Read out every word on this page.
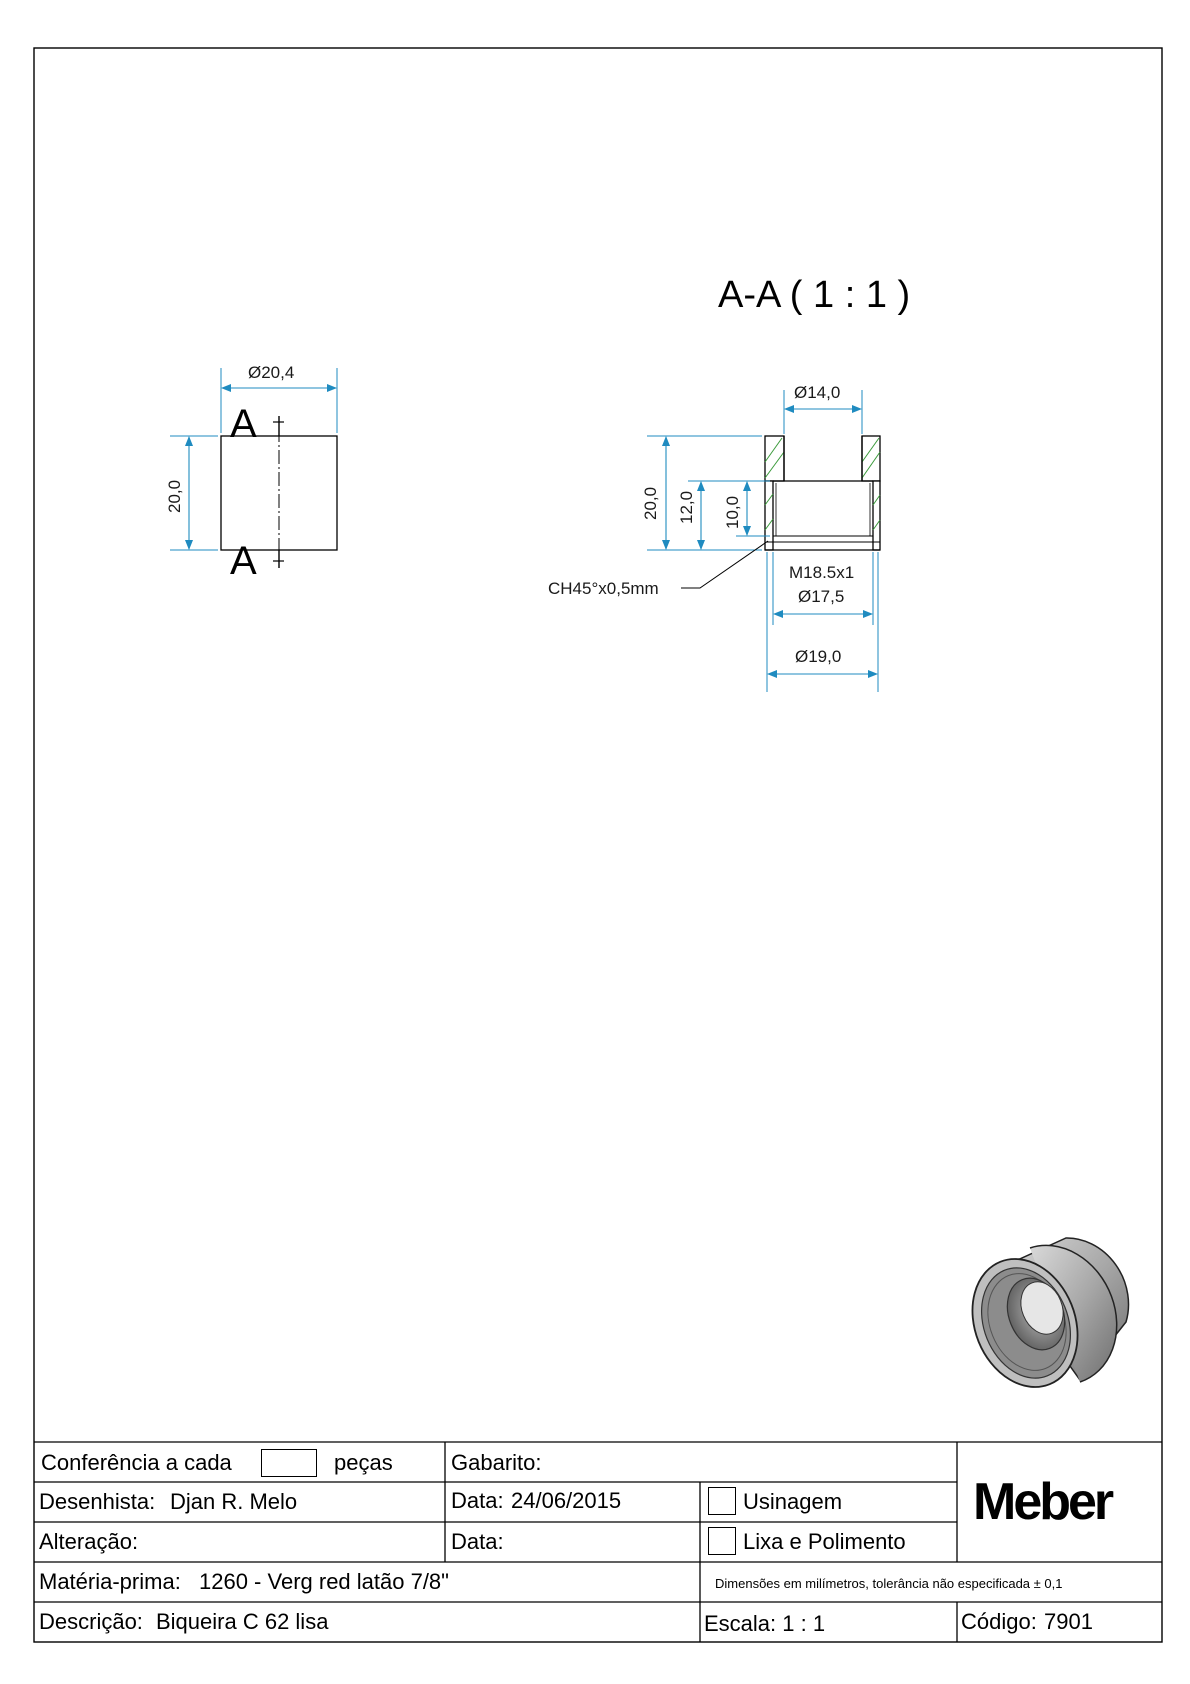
A
A
Ø20,4
20,0
A-A ( 1 : 1 )
Ø14,0
20,0 12,0 10,0
CH45°x0,5mm
M18.5x1
Ø17,5
Ø19,0
Conferência a cada	peças	Gabarito:
Desenhista: Djan R. Melo	Data: 24/06/2015	Usinagem
Alteração:	Data:	Lixa e Polimento
Matéria-prima: 1260 - Verg red latão 7/8"	Dimensões em milímetros, tolerância não especificada ± 0,1
Descrição: Biqueira C 62 lisa	Escala: 1 : 1	Código: 7901
Meber
